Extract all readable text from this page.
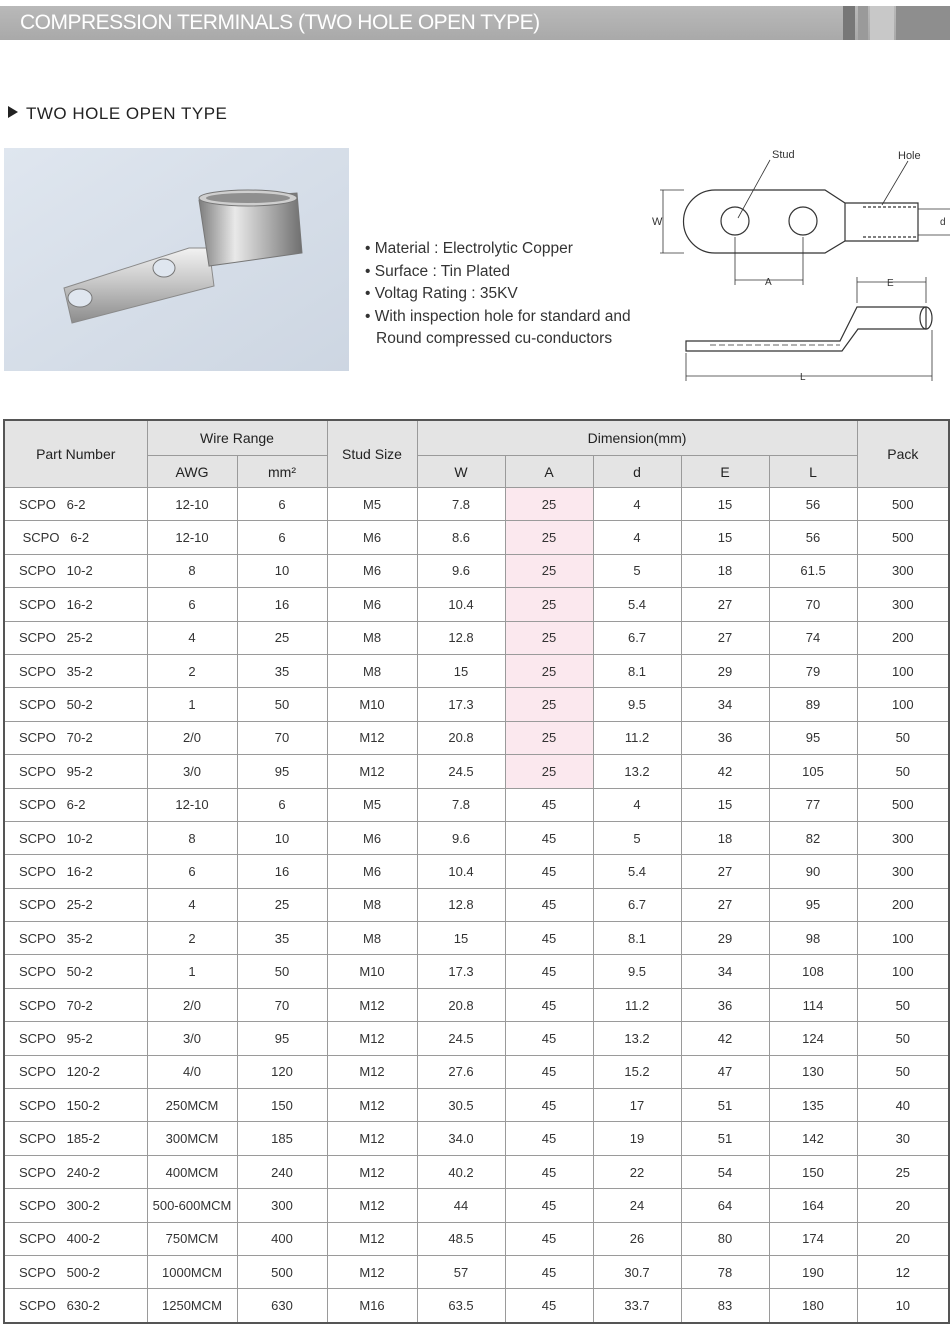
COMPRESSION TERMINALS (TWO HOLE OPEN TYPE)
TWO HOLE OPEN TYPE
• Material : Electrolytic Copper
• Surface : Tin Plated
• Voltag Rating : 35KV
• With inspection hole for standard and Round compressed cu-conductors
Stud	Hole
W
A
d
E
L
Part Number	Wire Range		Stud Size	Dimension(mm)					Pack
	AWG	mm²		W	A	d	E	L	
SCPO   6-2	12-10	6	M5	7.8	25	4	15	56	500
SCPO   6-2	12-10	6	M6	8.6	25	4	15	56	500
SCPO   10-2	8	10	M6	9.6	25	5	18	61.5	300
SCPO   16-2	6	16	M6	10.4	25	5.4	27	70	300
SCPO   25-2	4	25	M8	12.8	25	6.7	27	74	200
SCPO   35-2	2	35	M8	15	25	8.1	29	79	100
SCPO   50-2	1	50	M10	17.3	25	9.5	34	89	100
SCPO   70-2	2/0	70	M12	20.8	25	11.2	36	95	50
SCPO   95-2	3/0	95	M12	24.5	25	13.2	42	105	50
SCPO   6-2	12-10	6	M5	7.8	45	4	15	77	500
SCPO   10-2	8	10	M6	9.6	45	5	18	82	300
SCPO   16-2	6	16	M6	10.4	45	5.4	27	90	300
SCPO   25-2	4	25	M8	12.8	45	6.7	27	95	200
SCPO   35-2	2	35	M8	15	45	8.1	29	98	100
SCPO   50-2	1	50	M10	17.3	45	9.5	34	108	100
SCPO   70-2	2/0	70	M12	20.8	45	11.2	36	114	50
SCPO   95-2	3/0	95	M12	24.5	45	13.2	42	124	50
SCPO   120-2	4/0	120	M12	27.6	45	15.2	47	130	50
SCPO   150-2	250MCM	150	M12	30.5	45	17	51	135	40
SCPO   185-2	300MCM	185	M12	34.0	45	19	51	142	30
SCPO   240-2	400MCM	240	M12	40.2	45	22	54	150	25
SCPO   300-2	500-600MCM	300	M12	44	45	24	64	164	20
SCPO   400-2	750MCM	400	M12	48.5	45	26	80	174	20
SCPO   500-2	1000MCM	500	M12	57	45	30.7	78	190	12
SCPO   630-2	1250MCM	630	M16	63.5	45	33.7	83	180	10
